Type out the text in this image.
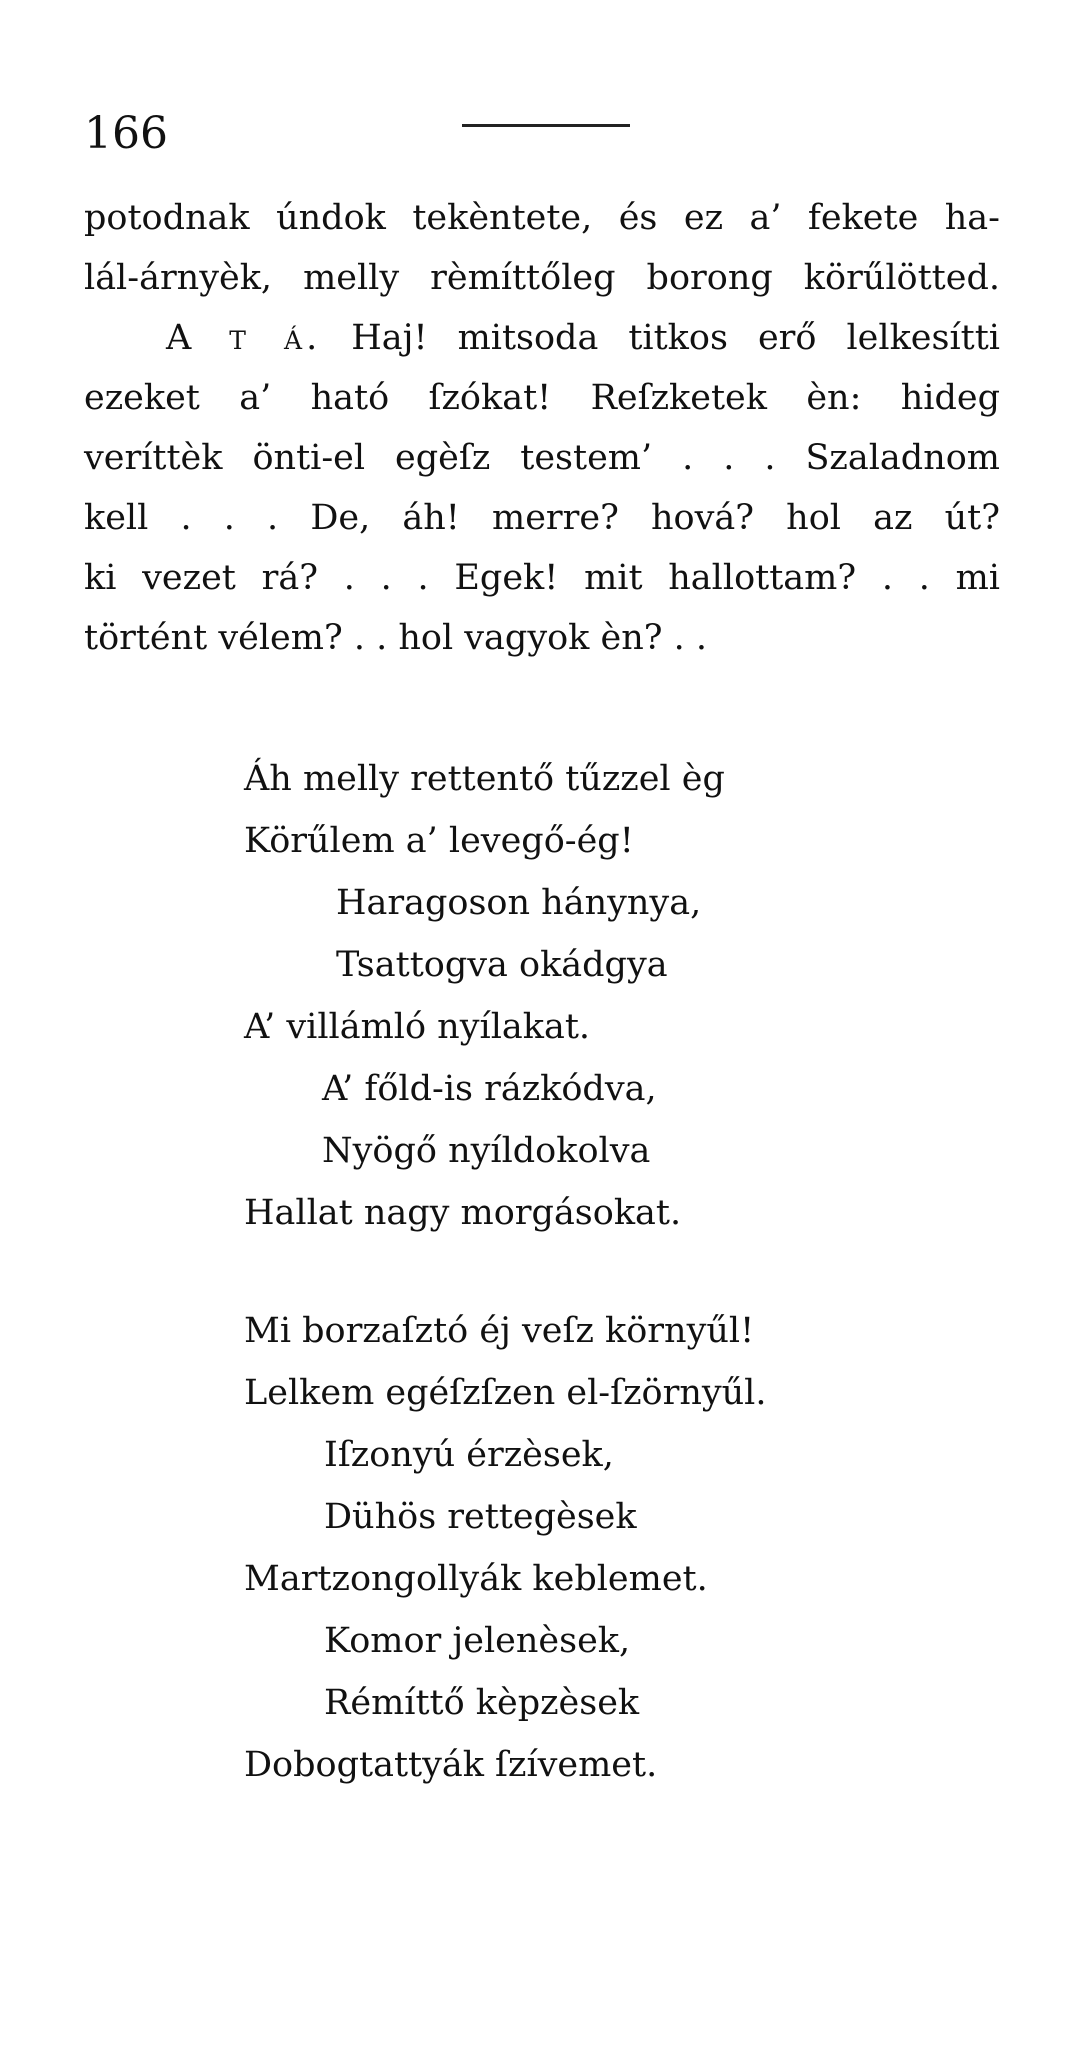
166
potodnak úndok tekèntete, és ez a’ fekete ha-
lál-árnyèk, melly rèmíttőleg borong körűlötted.
A t á. Haj! mitsoda titkos erő lelkesítti
ezeket a’ ható ſzókat! Reſzketek èn: hideg
veríttèk önti-el egèſz testem’ . . . Szaladnom
kell . . . De, áh! merre? hová? hol az út?
ki vezet rá? . . . Egek! mit hallottam? . . mi
történt vélem? . . hol vagyok èn? . .
Áh melly rettentő tűzzel èg
Körűlem a’ levegő-ég!
Haragoson hánynya,
Tsattogva okádgya
A’ villámló nyílakat.
A’ főld-is rázkódva,
Nyögő nyíldokolva
Hallat nagy morgásokat.
Mi borzaſztó éj veſz környűl!
Lelkem egéſzſzen el-ſzörnyűl.
Iſzonyú érzèsek,
Dühös rettegèsek
Martzongollyák keblemet.
Komor jelenèsek,
Rémíttő kèpzèsek
Dobogtattyák ſzívemet.
